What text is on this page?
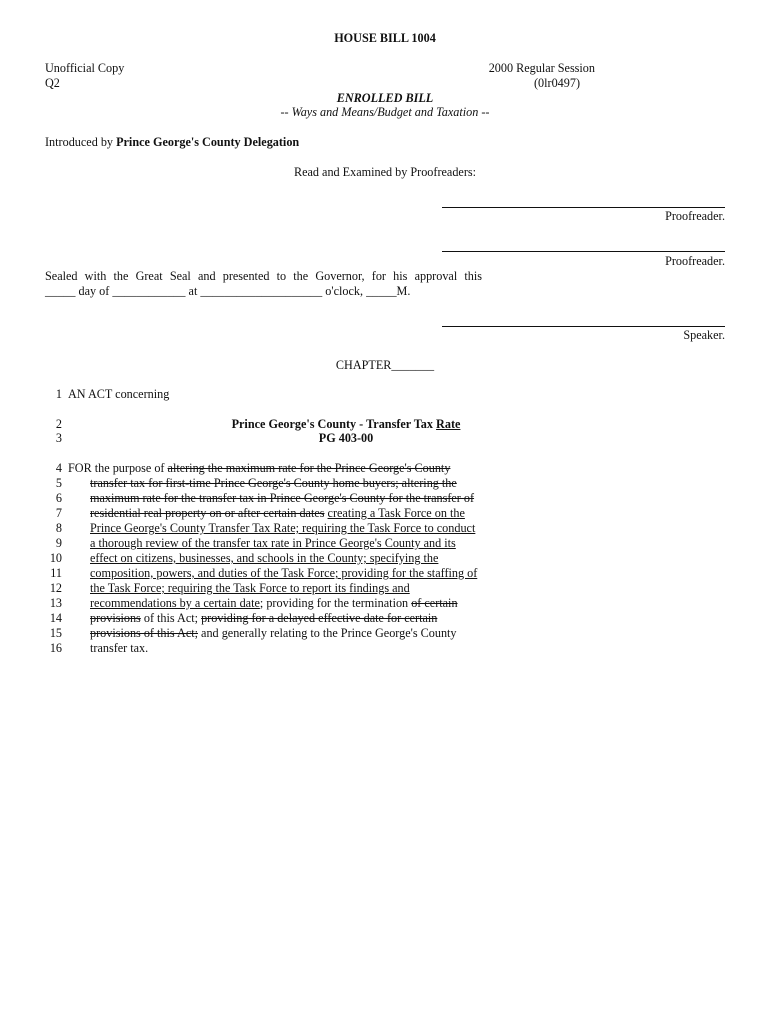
HOUSE BILL 1004
Unofficial Copy
Q2
2000 Regular Session
(0lr0497)
ENROLLED BILL
-- Ways and Means/Budget and Taxation --
Introduced by Prince George's County Delegation
Read and Examined by Proofreaders:
Proofreader.
Proofreader.
Sealed with the Great Seal and presented to the Governor, for his approval this
_____ day of ____________ at ____________________ o'clock, _____M.
Speaker.
CHAPTER_______
1 AN ACT concerning
2	Prince George's County - Transfer Tax Rate
3	PG 403-00
4 FOR the purpose of altering the maximum rate for the Prince George's County
5 transfer tax for first-time Prince George's County home buyers; altering the
6 maximum rate for the transfer tax in Prince George's County for the transfer of
7 residential real property on or after certain dates creating a Task Force on the
8 Prince George's County Transfer Tax Rate; requiring the Task Force to conduct
9 a thorough review of the transfer tax rate in Prince George's County and its
10 effect on citizens, businesses, and schools in the County; specifying the
11 composition, powers, and duties of the Task Force; providing for the staffing of
12 the Task Force; requiring the Task Force to report its findings and
13 recommendations by a certain date; providing for the termination of certain
14 provisions of this Act; providing for a delayed effective date for certain
15 provisions of this Act; and generally relating to the Prince George's County
16 transfer tax.
